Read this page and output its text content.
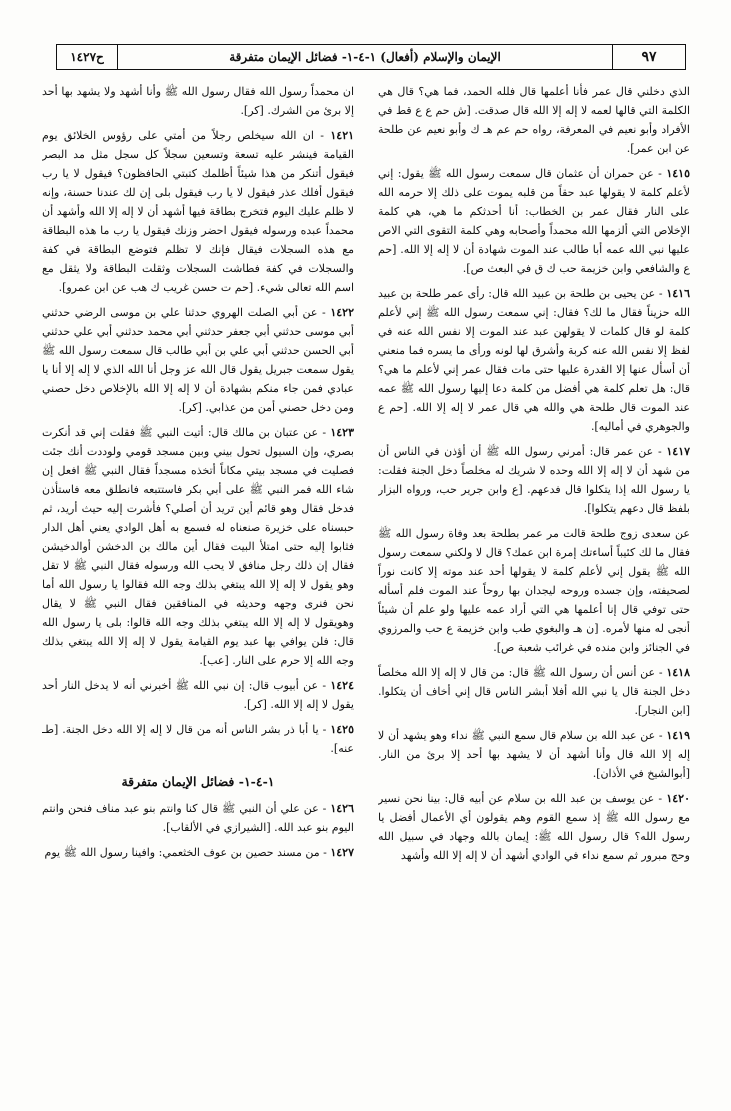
ح١٤٢٧	الإيمان والإسلام (أفعال) ١-٤-١- فضائل الإيمان متفرقة	٩٧

الذي دخلني قال عمر فأنا أعلمها قال فلله الحمد، فما هي؟ قال هي الكلمة التي قالها لعمه لا إله إلا الله قال صدقت. [ش حم ع ع قط في الأفراد وأبو نعيم في المعرفة، رواه حم عم هـ ك وأبو نعيم عن طلحة عن ابن عمر].

١٤١٥ - عن حمران أن عثمان قال سمعت رسول الله ﷺ يقول: إني لأعلم كلمة لا يقولها عبد حقاً من قلبه يموت على ذلك إلا حرمه الله على النار فقال عمر بن الخطاب: أنا أحدثكم ما هي، هي كلمة الإخلاص التي ألزمها الله محمداً وأصحابه وهي كلمة التقوى التي الاص عليها نبي الله عمه أبا طالب عند الموت شهادة أن لا إله إلا الله. [حم ع والشافعي وابن خزيمة حب ك ق في البعث ص].

١٤١٦ - عن يحيى بن طلحة بن عبيد الله قال: رأى عمر طلحة بن عبيد الله حزيناً فقال ما لك؟ فقال: إني سمعت رسول الله ﷺ إني لأعلم كلمة لو قال كلمات لا يقولهن عبد عند الموت إلا نفس الله عنه في لفظ إلا نفس الله عنه كربة وأشرق لها لونه ورأى ما يسره فما منعني أن أسأل عنها إلا القدرة عليها حتى مات فقال عمر إني لأعلم ما هي؟ قال: هل تعلم كلمة هي أفضل من كلمة دعا إليها رسول الله ﷺ عمه عند الموت قال طلحة هي والله هي قال عمر لا إله إلا الله. [حم ع والجوهري في أماليه].

١٤١٧ - عن عمر قال: أمرني رسول الله ﷺ أن أؤذن في الناس أن من شهد أن لا إله إلا الله وحده لا شريك له مخلصاً دخل الجنة فقلت: يا رسول الله إذا يتكلوا قال فدعهم. [ع وابن جرير حب، ورواه البزار بلفظ قال دعهم يتكلوا].

عن سعدى زوج طلحة قالت مر عمر بطلحة بعد وفاة رسول الله ﷺ فقال ما لك كئيباً أساءتك إمرة ابن عمك؟ قال لا ولكني سمعت رسول الله ﷺ يقول إني لأعلم كلمة لا يقولها أحد عند موته إلا كانت نوراً لصحيفته، وإن جسده وروحه ليجدان بها روحاً عند الموت فلم أسأله حتى توفي قال إنا أعلمها هي التي أراد عمه عليها ولو علم أن شيئاً أنجى له منها لأمره. [ن هـ والبغوي طب وابن خزيمة ع حب والمرزوي في الجنائز وابن منده في غرائب شعبة ص].

١٤١٨ - عن أنس أن رسول الله ﷺ قال: من قال لا إله إلا الله مخلصاً دخل الجنة قال يا نبي الله أفلا أبشر الناس قال إني أخاف أن يتكلوا. [ابن النجار].

١٤١٩ - عن عبد الله بن سلام قال سمع النبي ﷺ نداء وهو يشهد أن لا إله إلا الله قال وأنا أشهد أن لا يشهد بها أحد إلا برئ من النار. [أبوالشيخ في الأذان].

١٤٢٠ - عن يوسف بن عبد الله بن سلام عن أبيه قال: بينا نحن نسير مع رسول الله ﷺ إذ سمع القوم وهم يقولون أي الأعمال أفضل يا رسول الله؟ قال رسول الله ﷺ: إيمان بالله وجهاد في سبيل الله وحج مبرور ثم سمع نداء في الوادي أشهد أن لا إله إلا الله وأشهد

ان محمداً رسول الله فقال رسول الله ﷺ وأنا أشهد ولا يشهد بها أحد إلا برئ من الشرك. [كر].

١٤٢١ - ان الله سيخلص رجلاً من أمتي على رؤوس الخلائق يوم القيامة فينشر عليه تسعة وتسعين سجلاً كل سجل مثل مد البصر فيقول أتنكر من هذا شيئاً أظلمك كتبتي الحافظون؟ فيقول لا يا رب فيقول أفلك عذر فيقول لا يا رب فيقول بلى إن لك عندنا حسنة، وإنه لا ظلم عليك اليوم فتخرج بطاقة فيها أشهد أن لا إله إلا الله وأشهد أن محمداً عبده ورسوله فيقول احضر وزنك فيقول يا رب ما هذه البطاقة مع هذه السجلات فيقال فإنك لا تظلم فتوضع البطاقة في كفة والسجلات في كفة فطاشت السجلات وثقلت البطاقة ولا يثقل مع اسم الله تعالى شيء. [حم ت حسن غريب ك هب عن ابن عمرو].

١٤٢٢ - عن أبي الصلت الهروي حدثنا علي بن موسى الرضي حدثني أبي موسى حدثني أبي جعفر حدثني أبي محمد حدثني أبي علي حدثني أبي الحسن حدثني أبي علي بن أبي طالب قال سمعت رسول الله ﷺ يقول سمعت جبريل يقول قال الله عز وجل أنا الله الذي لا إله إلا أنا يا عبادي فمن جاء منكم بشهادة أن لا إله إلا الله بالإخلاص دخل حصني ومن دخل حصني أمن من عذابي. [كر].

١٤٢٣ - عن عتبان بن مالك قال: أتيت النبي ﷺ فقلت إني قد أنكرت بصري، وإن السيول تحول بيني وبين مسجد قومي ولوددت أنك جئت فصليت في مسجد بيتي مكاناً أتخذه مسجداً فقال النبي ﷺ افعل إن شاء الله فمر النبي ﷺ على أبي بكر فاستتبعه فانطلق معه فاستأذن فدخل فقال وهو قائم أين تريد أن أصلي؟ فأشرت إليه حيث أريد، ثم حبسناه على خزيرة صنعناه له فسمع به أهل الوادي يعني أهل الدار فثابوا إليه حتى امتلأ البيت فقال أين مالك بن الدخشن أوالدخيشن فقال إن ذلك رجل منافق لا يحب الله ورسوله فقال النبي ﷺ لا تقل وهو يقول لا إله إلا الله يبتغي بذلك وجه الله فقالوا يا رسول الله أما نحن فنرى وجهه وحديثه في المنافقين فقال النبي ﷺ لا يقال وهويقول لا إله إلا الله يبتغي بذلك وجه الله قالوا: بلى يا رسول الله قال: فلن يوافي بها عبد يوم القيامة يقول لا إله إلا الله يبتغي بذلك وجه الله إلا حرم على النار. [عب].

١٤٢٤ - عن أبيوب قال: إن نبي الله ﷺ أخبرني أنه لا يدخل النار أحد يقول لا إله إلا الله. [كر].

١٤٢٥ - يا أبا ذر بشر الناس أنه من قال لا إله إلا الله دخل الجنة. [طـ عنه].

١-٤-١- فضائل الإيمان متفرقة

١٤٢٦ - عن علي أن النبي ﷺ قال كنا وانتم بنو عبد مناف فنحن وانتم اليوم بنو عبد الله. [الشيرازي في الألقاب].

١٤٢٧ - من مسند حصين بن عوف الخثعمي: وافينا رسول الله ﷺ يوم
